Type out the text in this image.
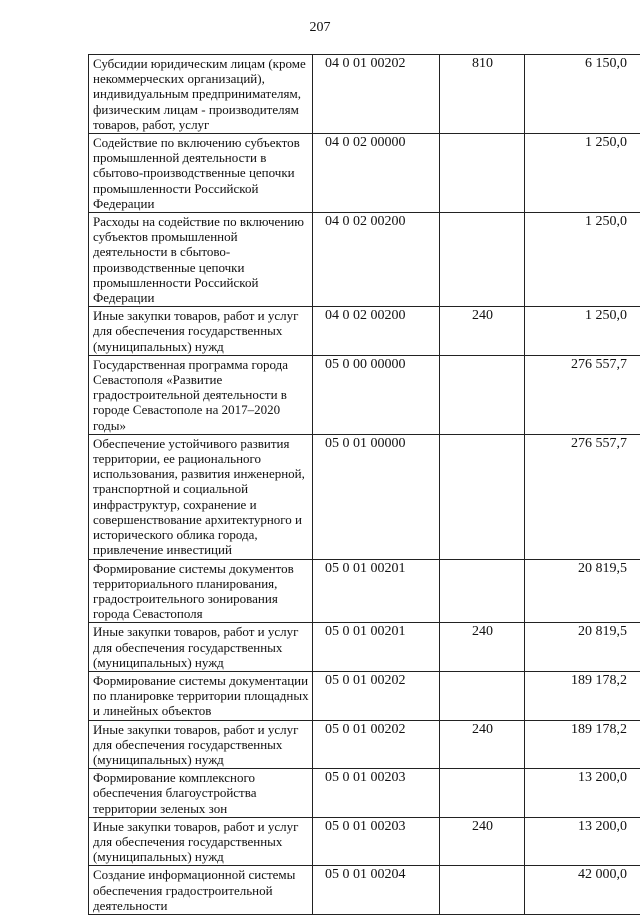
207
Субсидии юридическим лицам (кроме некоммерческих организаций), индивидуальным предпринимателям, физическим лицам - производителям товаров, работ, услуг	04 0 01 00202	810	6 150,0
Содействие по включению субъектов промышленной деятельности в сбытово-производственные цепочки промышленности Российской Федерации	04 0 02 00000		1 250,0
Расходы на содействие по включению субъектов промышленной деятельности в сбытово-производственные цепочки промышленности Российской Федерации	04 0 02 00200		1 250,0
Иные закупки товаров, работ и услуг для обеспечения государственных (муниципальных) нужд	04 0 02 00200	240	1 250,0
Государственная программа города Севастополя «Развитие градостроительной деятельности в городе Севастополе на 2017–2020 годы»	05 0 00 00000		276 557,7
Обеспечение устойчивого развития территории, ее рационального использования, развития инженерной, транспортной и социальной инфраструктур, сохранение и совершенствование архитектурного и исторического облика города, привлечение инвестиций	05 0 01 00000		276 557,7
Формирование системы документов территориального планирования, градостроительного зонирования города Севастополя	05 0 01 00201		20 819,5
Иные закупки товаров, работ и услуг для обеспечения государственных (муниципальных) нужд	05 0 01 00201	240	20 819,5
Формирование системы документации по планировке территории площадных и линейных объектов	05 0 01 00202		189 178,2
Иные закупки товаров, работ и услуг для обеспечения государственных (муниципальных) нужд	05 0 01 00202	240	189 178,2
Формирование комплексного обеспечения благоустройства территории зеленых зон	05 0 01 00203		13 200,0
Иные закупки товаров, работ и услуг для обеспечения государственных (муниципальных) нужд	05 0 01 00203	240	13 200,0
Создание информационной системы обеспечения градостроительной деятельности	05 0 01 00204		42 000,0
